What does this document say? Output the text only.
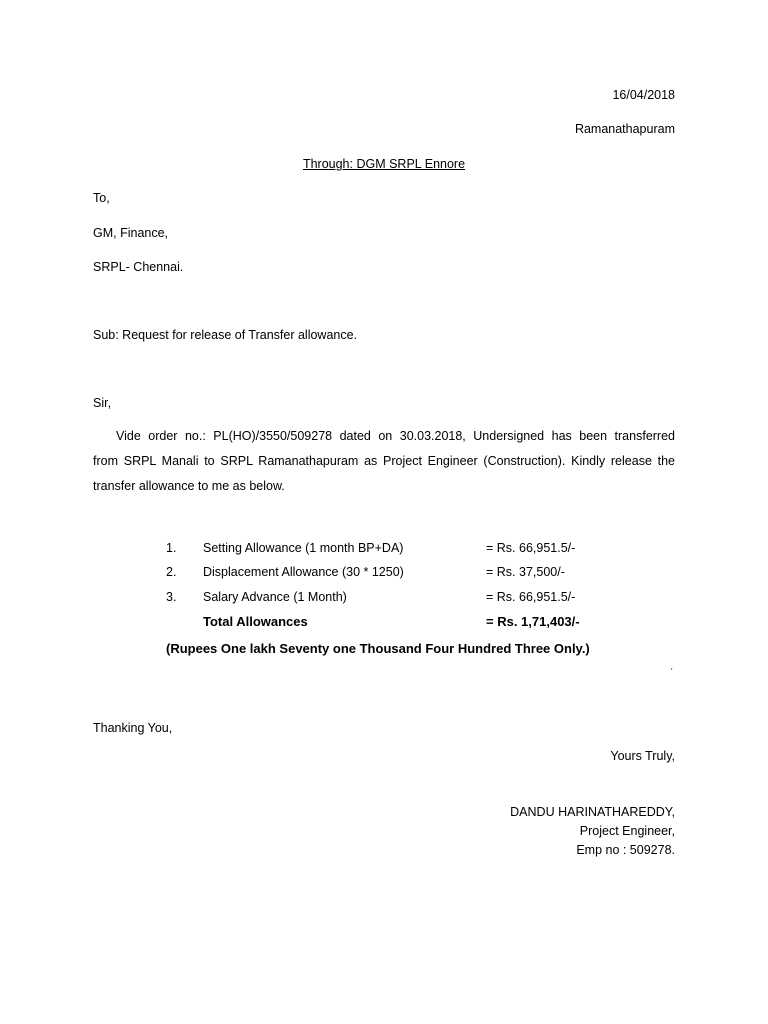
16/04/2018
Ramanathapuram
Through: DGM SRPL Ennore
To,
GM, Finance,
SRPL- Chennai.
Sub: Request for release of Transfer allowance.
Sir,
Vide order no.: PL(HO)/3550/509278 dated on 30.03.2018, Undersigned has been transferred
from SRPL Manali to SRPL Ramanathapuram as Project Engineer (Construction). Kindly release the
transfer allowance to me as below.
1. Setting Allowance (1 month BP+DA)	= Rs. 66,951.5/-
2. Displacement Allowance (30 * 1250)	= Rs. 37,500/-
3. Salary Advance (1 Month)	= Rs. 66,951.5/-
Total Allowances	= Rs. 1,71,403/-
(Rupees One lakh Seventy one Thousand Four Hundred Three Only.)
'
Thanking You,
Yours Truly,
DANDU HARINATHAREDDY,
Project Engineer,
Emp no : 509278.
